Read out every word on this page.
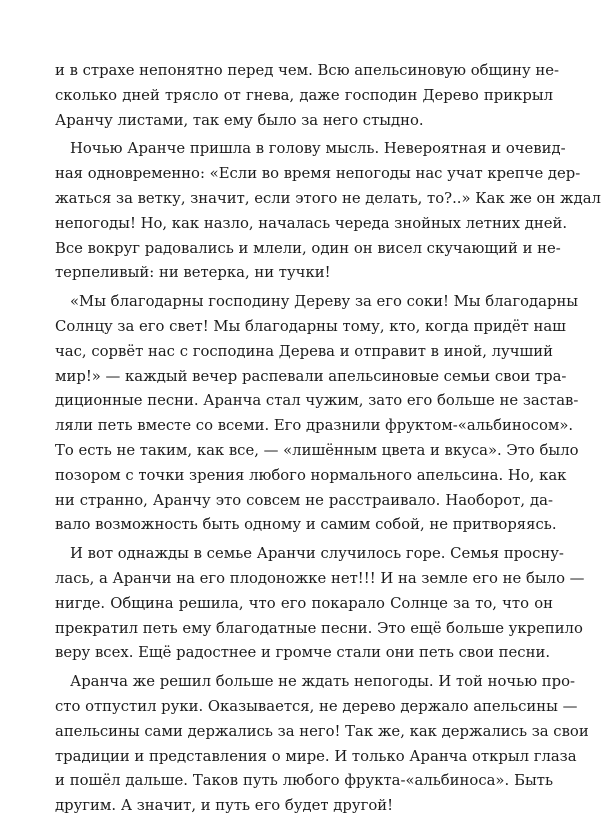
и в страхе непонятно перед чем. Всю апельсиновую общину не-
сколько дней трясло от гнева, даже господин Дерево прикрыл
Аранчу листами, так ему было за него стыдно.
Ночью Аранче пришла в голову мысль. Невероятная и очевид-
ная одновременно: «Если во время непогоды нас учат крепче дер-
жаться за ветку, значит, если этого не делать, то?..» Как же он ждал
непогоды! Но, как назло, началась череда знойных летних дней.
Все вокруг радовались и млели, один он висел скучающий и не-
терпеливый: ни ветерка, ни тучки!
«Мы благодарны господину Дереву за его соки! Мы благодарны
Солнцу за его свет! Мы благодарны тому, кто, когда придёт наш
час, сорвёт нас с господина Дерева и отправит в иной, лучший
мир!» — каждый вечер распевали апельсиновые семьи свои тра-
диционные песни. Аранча стал чужим, зато его больше не застав-
ляли петь вместе со всеми. Его дразнили фруктом-«альбиносом».
То есть не таким, как все, — «лишённым цвета и вкуса». Это было
позором с точки зрения любого нормального апельсина. Но, как
ни странно, Аранчу это совсем не расстраивало. Наоборот, да-
вало возможность быть одному и самим собой, не притворяясь.
И вот однажды в семье Аранчи случилось горе. Семья просну-
лась, а Аранчи на его плодоножке нет!!! И на земле его не было —
нигде. Община решила, что его покарало Солнце за то, что он
прекратил петь ему благодатные песни. Это ещё больше укрепило
веру всех. Ещё радостнее и громче стали они петь свои песни.
Аранча же решил больше не ждать непогоды. И той ночью про-
сто отпустил руки. Оказывается, не дерево держало апельсины —
апельсины сами держались за него! Так же, как держались за свои
традиции и представления о мире. И только Аранча открыл глаза
и пошёл дальше. Таков путь любого фрукта-«альбиноса». Быть
другим. А значит, и путь его будет другой!
